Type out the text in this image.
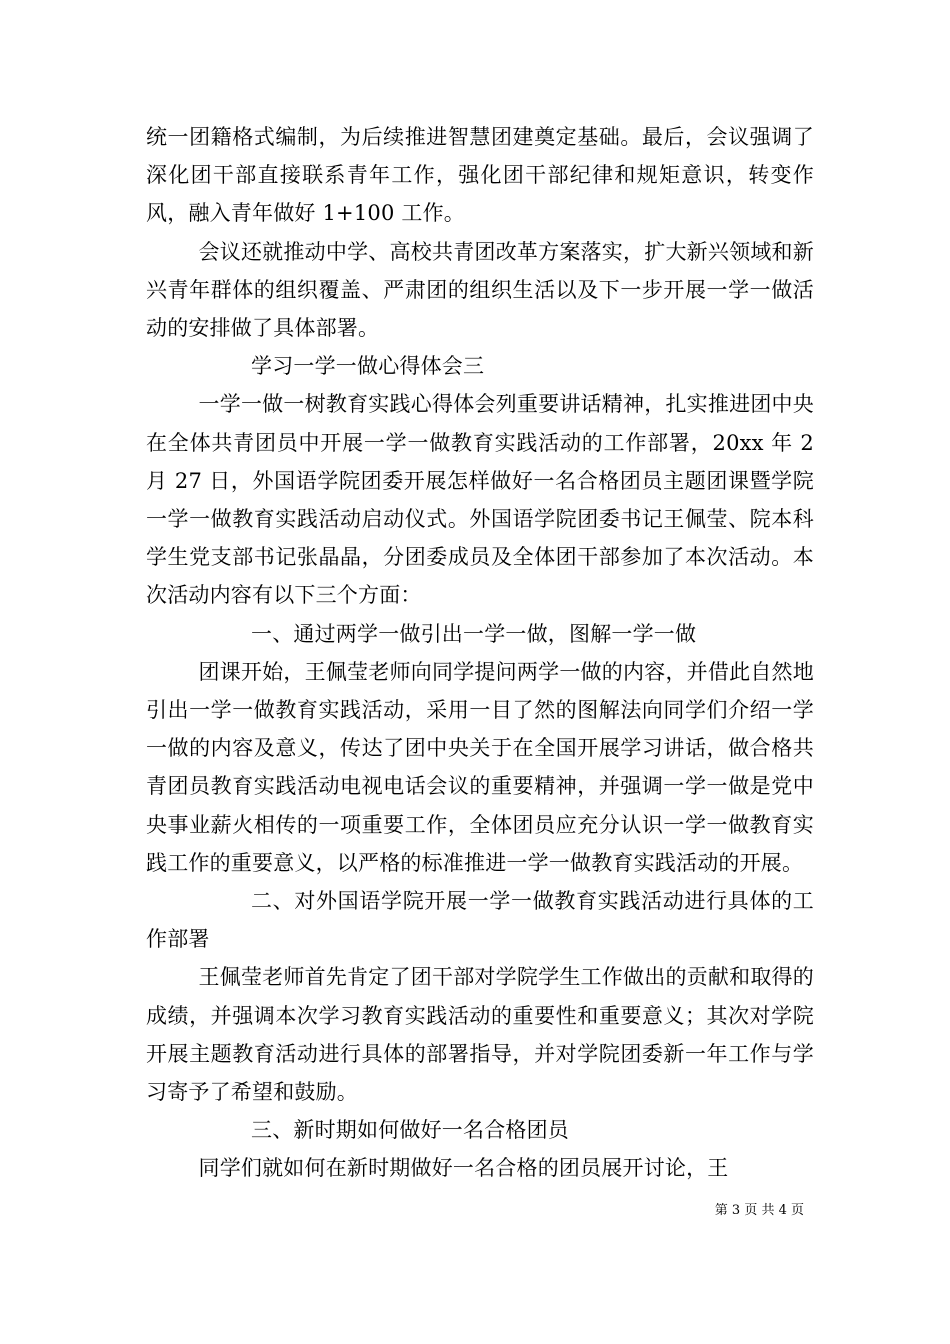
统一团籍格式编制，为后续推进智慧团建奠定基础。最后，会议强调了深化团干部直接联系青年工作，强化团干部纪律和规矩意识，转变作风，融入青年做好 1+100 工作。

会议还就推动中学、高校共青团改革方案落实，扩大新兴领域和新兴青年群体的组织覆盖、严肃团的组织生活以及下一步开展一学一做活动的安排做了具体部署。

学习一学一做心得体会三

一学一做一树教育实践心得体会列重要讲话精神，扎实推进团中央在全体共青团员中开展一学一做教育实践活动的工作部署，20xx 年 2 月 27 日，外国语学院团委开展怎样做好一名合格团员主题团课暨学院一学一做教育实践活动启动仪式。外国语学院团委书记王佩莹、院本科学生党支部书记张晶晶，分团委成员及全体团干部参加了本次活动。本次活动内容有以下三个方面：

一、通过两学一做引出一学一做，图解一学一做

团课开始，王佩莹老师向同学提问两学一做的内容，并借此自然地引出一学一做教育实践活动，采用一目了然的图解法向同学们介绍一学一做的内容及意义，传达了团中央关于在全国开展学习讲话，做合格共青团员教育实践活动电视电话会议的重要精神，并强调一学一做是党中央事业薪火相传的一项重要工作，全体团员应充分认识一学一做教育实践工作的重要意义，以严格的标准推进一学一做教育实践活动的开展。

二、对外国语学院开展一学一做教育实践活动进行具体的工作部署

王佩莹老师首先肯定了团干部对学院学生工作做出的贡献和取得的成绩，并强调本次学习教育实践活动的重要性和重要意义；其次对学院开展主题教育活动进行具体的部署指导，并对学院团委新一年工作与学习寄予了希望和鼓励。

三、新时期如何做好一名合格团员

同学们就如何在新时期做好一名合格的团员展开讨论，王

第 3 页 共 4 页
